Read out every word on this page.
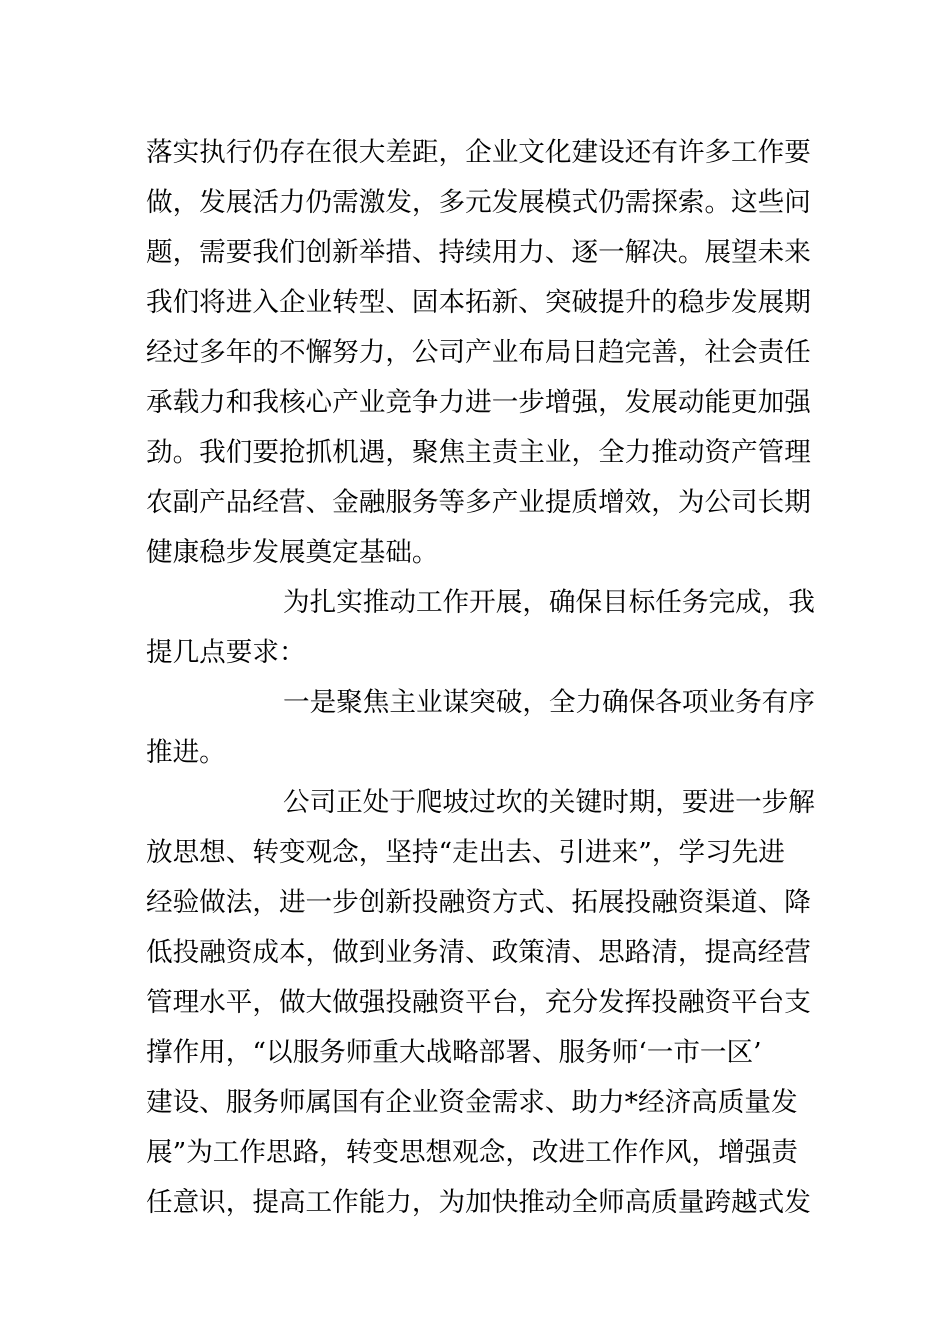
落实执行仍存在很大差距，企业文化建设还有许多工作要
做，发展活力仍需激发，多元发展模式仍需探索。这些问
题，需要我们创新举措、持续用力、逐一解决。展望未来
我们将进入企业转型、固本拓新、突破提升的稳步发展期
经过多年的不懈努力，公司产业布局日趋完善，社会责任
承载力和我核心产业竞争力进一步增强，发展动能更加强
劲。我们要抢抓机遇，聚焦主责主业，全力推动资产管理
农副产品经营、金融服务等多产业提质增效，为公司长期
健康稳步发展奠定基础。
为扎实推动工作开展，确保目标任务完成，我
提几点要求：
一是聚焦主业谋突破，全力确保各项业务有序
推进。
公司正处于爬坡过坎的关键时期，要进一步解
放思想、转变观念，坚持“走出去、引进来”，学习先进
经验做法，进一步创新投融资方式、拓展投融资渠道、降
低投融资成本，做到业务清、政策清、思路清，提高经营
管理水平，做大做强投融资平台，充分发挥投融资平台支
撑作用，“以服务师重大战略部署、服务师‘一市一区’
建设、服务师属国有企业资金需求、助力*经济高质量发
展”为工作思路，转变思想观念，改进工作作风，增强责
任意识，提高工作能力，为加快推动全师高质量跨越式发
